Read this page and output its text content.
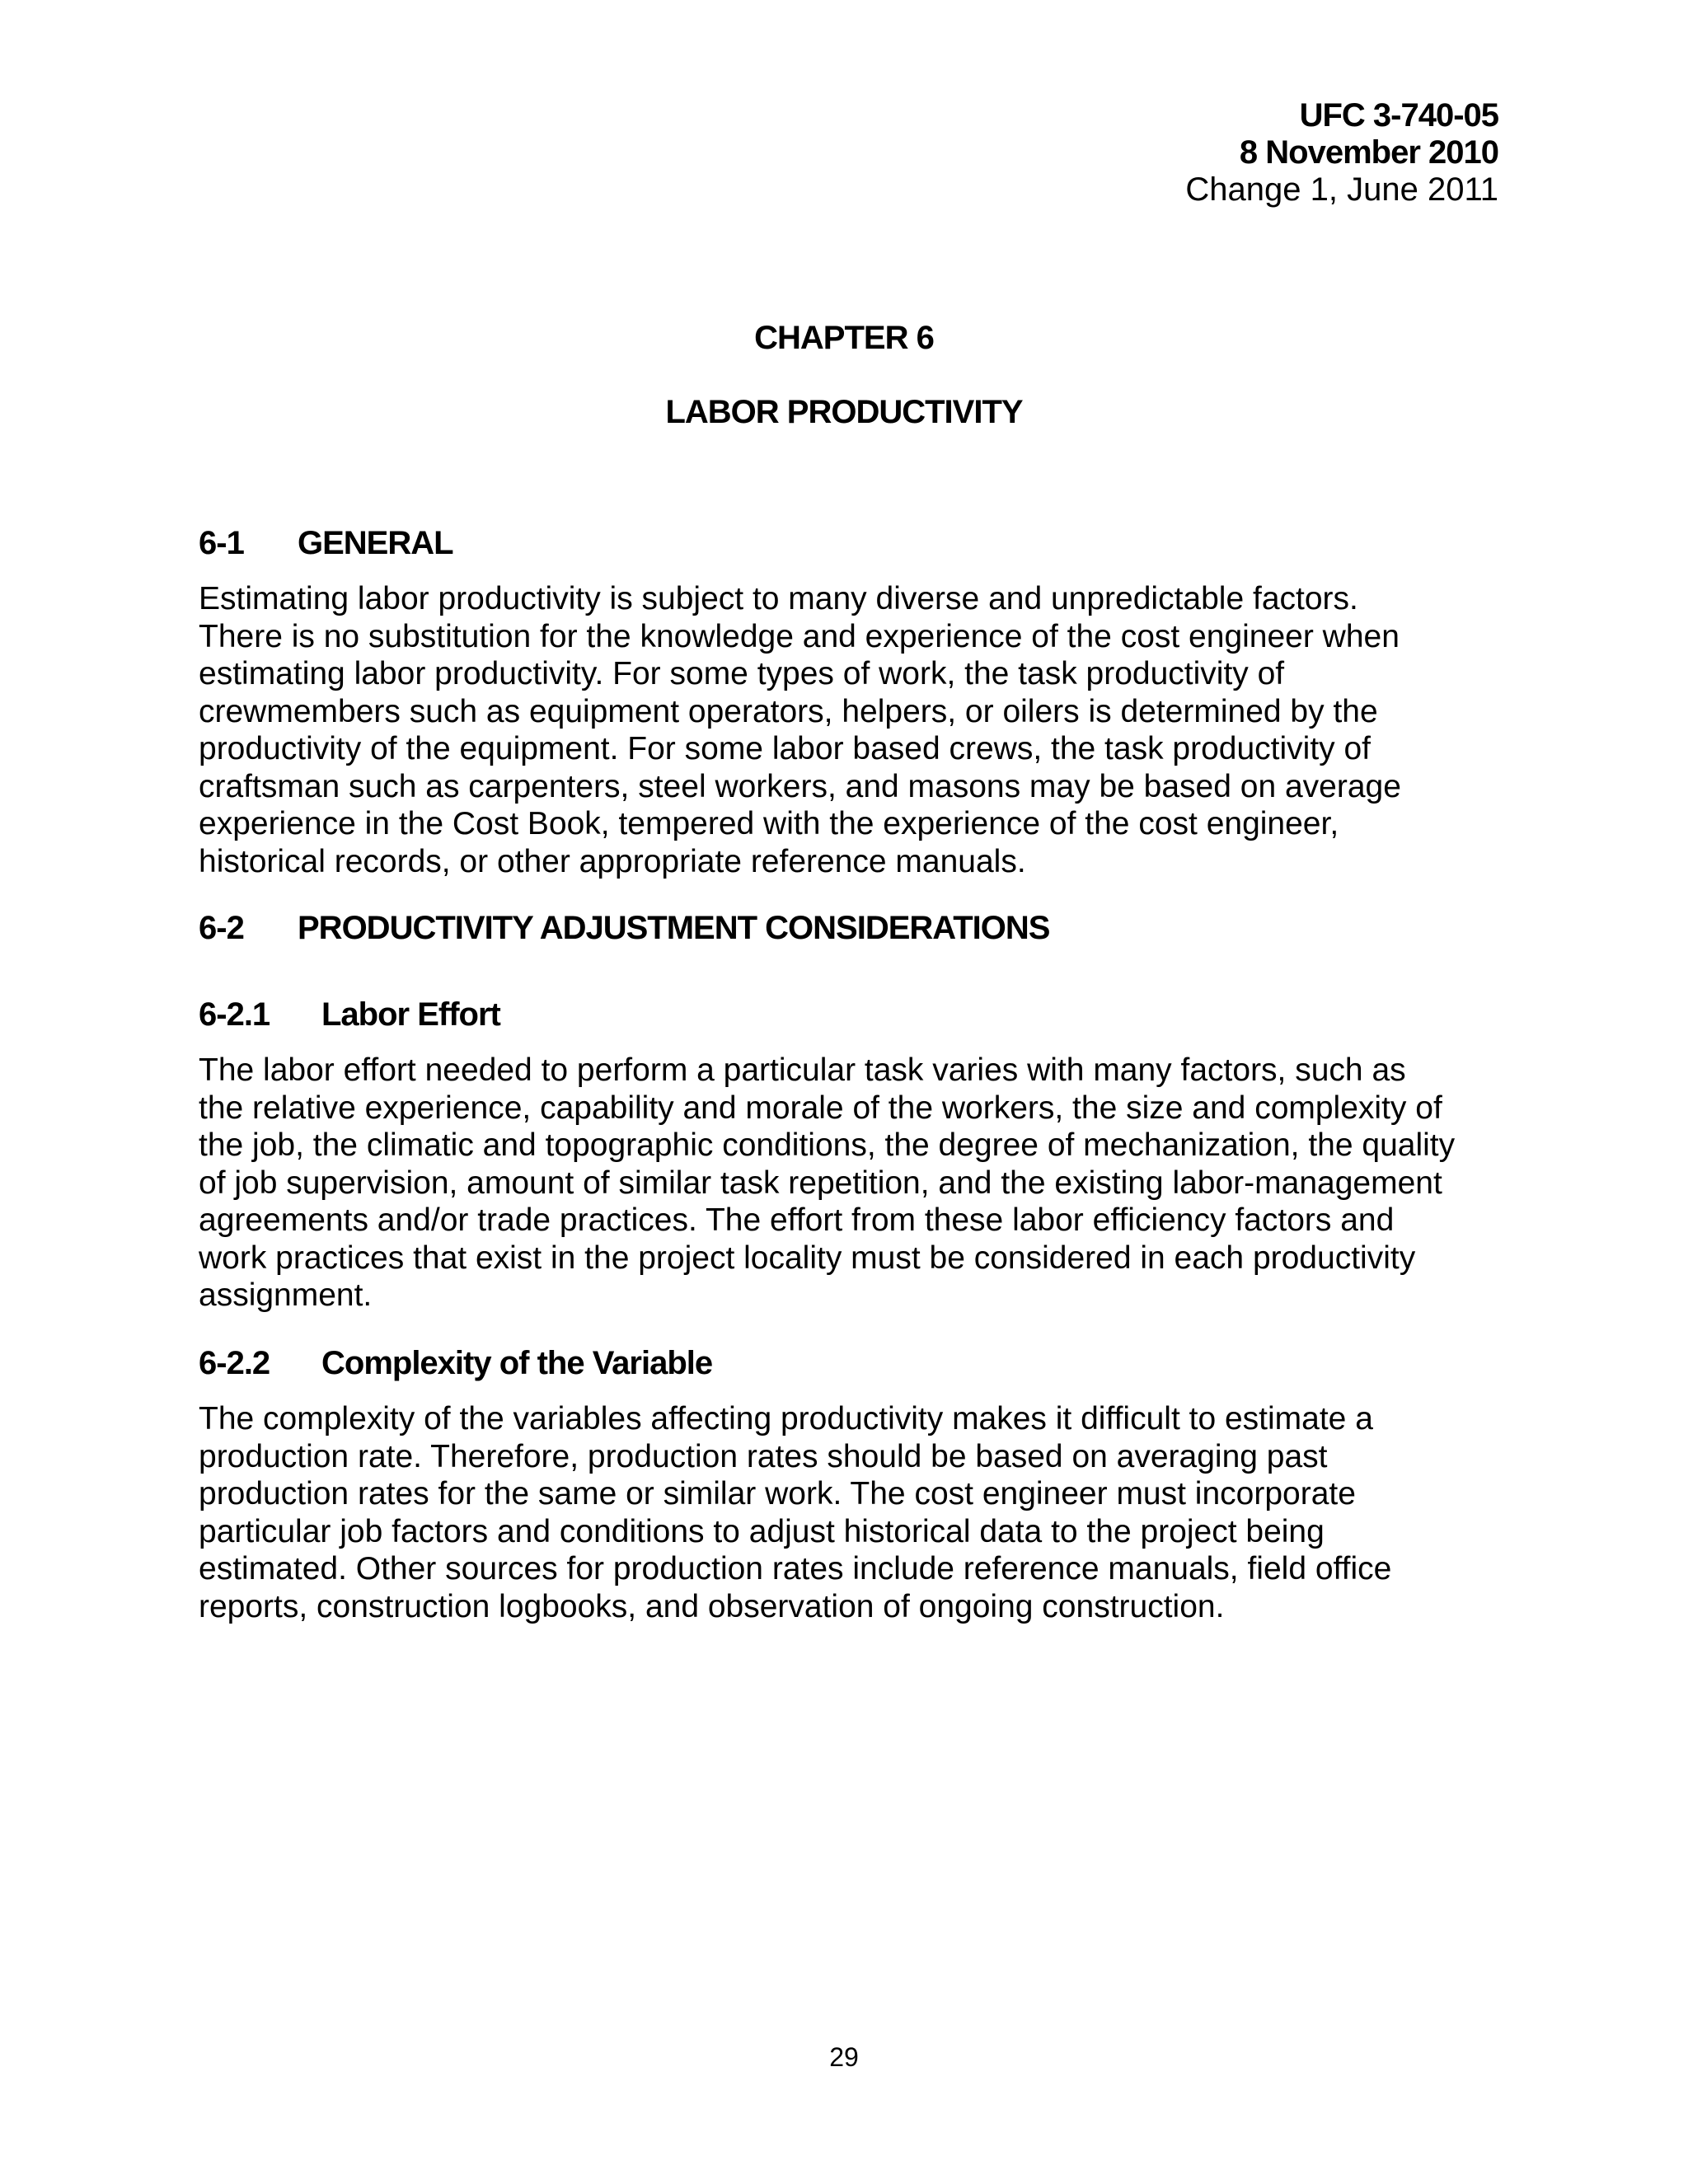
UFC 3-740-05
8 November 2010
Change 1, June 2011
CHAPTER 6
LABOR PRODUCTIVITY
6-1 GENERAL
Estimating labor productivity is subject to many diverse and unpredictable factors.
There is no substitution for the knowledge and experience of the cost engineer when
estimating labor productivity. For some types of work, the task productivity of
crewmembers such as equipment operators, helpers, or oilers is determined by the
productivity of the equipment. For some labor based crews, the task productivity of
craftsman such as carpenters, steel workers, and masons may be based on average
experience in the Cost Book, tempered with the experience of the cost engineer,
historical records, or other appropriate reference manuals.
6-2 PRODUCTIVITY ADJUSTMENT CONSIDERATIONS
6-2.1 Labor Effort
The labor effort needed to perform a particular task varies with many factors, such as
the relative experience, capability and morale of the workers, the size and complexity of
the job, the climatic and topographic conditions, the degree of mechanization, the quality
of job supervision, amount of similar task repetition, and the existing labor-management
agreements and/or trade practices. The effort from these labor efficiency factors and
work practices that exist in the project locality must be considered in each productivity
assignment.
6-2.2 Complexity of the Variable
The complexity of the variables affecting productivity makes it difficult to estimate a
production rate. Therefore, production rates should be based on averaging past
production rates for the same or similar work. The cost engineer must incorporate
particular job factors and conditions to adjust historical data to the project being
estimated. Other sources for production rates include reference manuals, field office
reports, construction logbooks, and observation of ongoing construction.
29
